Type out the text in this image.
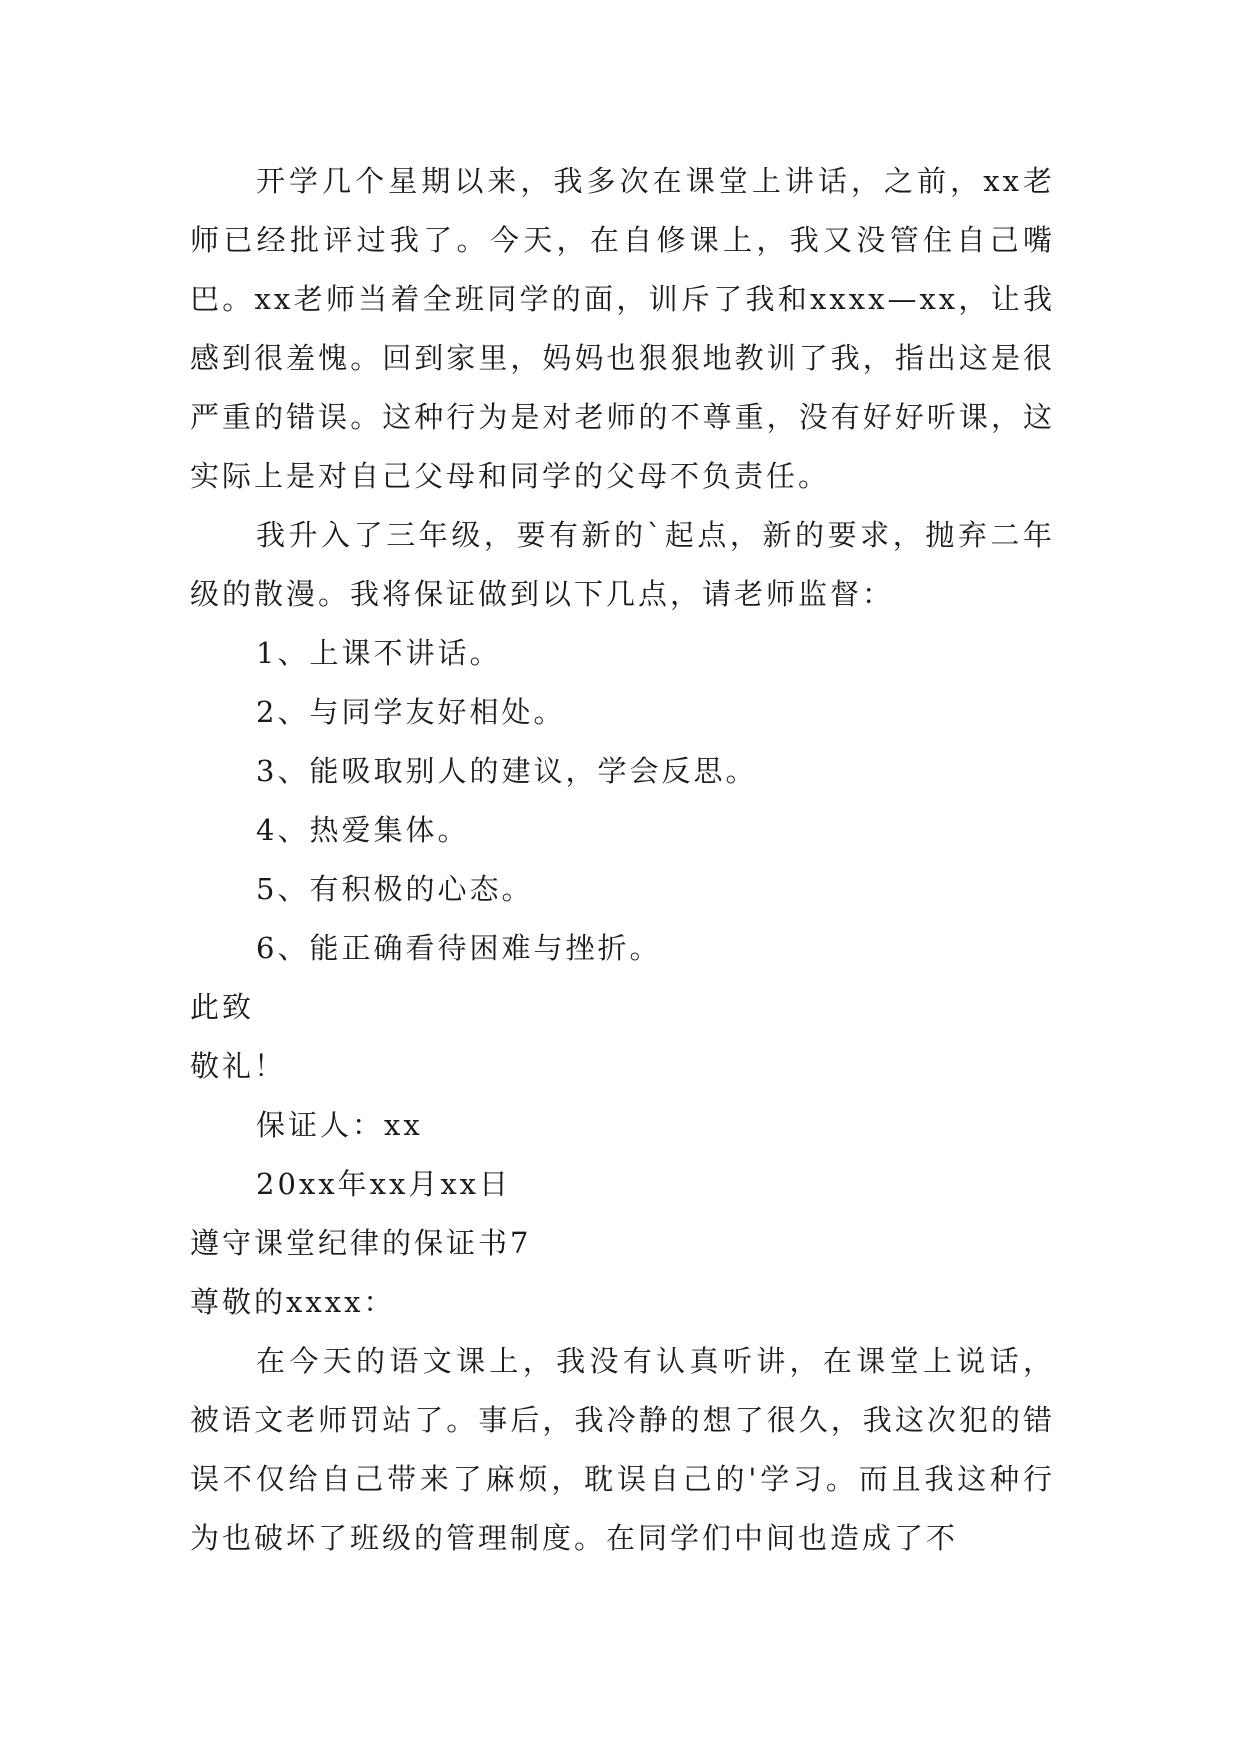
开学几个星期以来，我多次在课堂上讲话，之前，xx老师已经批评过我了。今天，在自修课上，我又没管住自己嘴巴。xx老师当着全班同学的面，训斥了我和xxxx—xx，让我感到很羞愧。回到家里，妈妈也狠狠地教训了我，指出这是很严重的错误。这种行为是对老师的不尊重，没有好好听课，这实际上是对自己父母和同学的父母不负责任。

我升入了三年级，要有新的`起点，新的要求，抛弃二年级的散漫。我将保证做到以下几点，请老师监督：

1、上课不讲话。

2、与同学友好相处。

3、能吸取别人的建议，学会反思。

4、热爱集体。

5、有积极的心态。

6、能正确看待困难与挫折。

此致

敬礼！

保证人：xx

20xx年xx月xx日

遵守课堂纪律的保证书7

尊敬的xxxx：

在今天的语文课上，我没有认真听讲，在课堂上说话，被语文老师罚站了。事后，我冷静的想了很久，我这次犯的错误不仅给自己带来了麻烦，耽误自己的'学习。而且我这种行为也破坏了班级的管理制度。在同学们中间也造成了不
